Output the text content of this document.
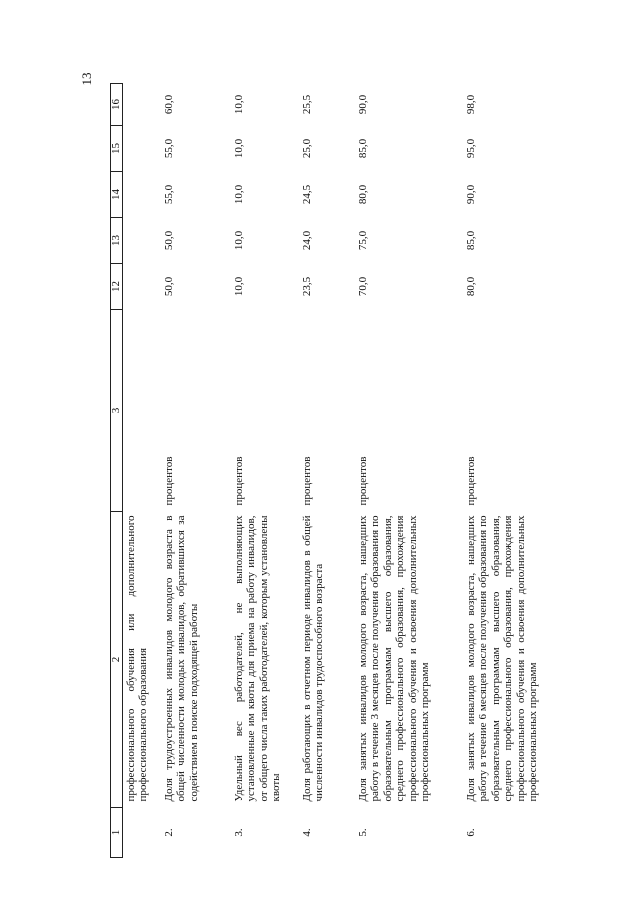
13
1	2	3	12	13	14	15	16
	профессионального обучения или дополнительного профессионального образования						
2.	Доля трудоустроенных инвалидов молодого возраста в общей численности молодых инвалидов, обратившихся за содействием в поиске подходящей работы	процентов	50,0	50,0	55,0	55,0	60,0
3.	Удельный вес работодателей, не выполняющих установленные им квоты для приема на работу инвалидов, от общего числа таких работодателей, которым установлены квоты	процентов	10,0	10,0	10,0	10,0	10,0
4.	Доля работающих в отчетном периоде инвалидов в общей численности инвалидов трудоспособного возраста	процентов	23,5	24,0	24,5	25,0	25,5
5.	Доля занятых инвалидов молодого возраста, нашедших работу в течение 3 месяцев после получения образования по образовательным программам высшего образования, среднего профессионального образования, прохождения профессионального обучения и освоения дополнительных профессиональных программ	процентов	70,0	75,0	80,0	85,0	90,0
6.	Доля занятых инвалидов молодого возраста, нашедших работу в течение 6 месяцев после получения образования по образовательным программам высшего образования, среднего профессионального образования, прохождения профессионального обучения и освоения дополнительных профессиональных программ	процентов	80,0	85,0	90,0	95,0	98,0
